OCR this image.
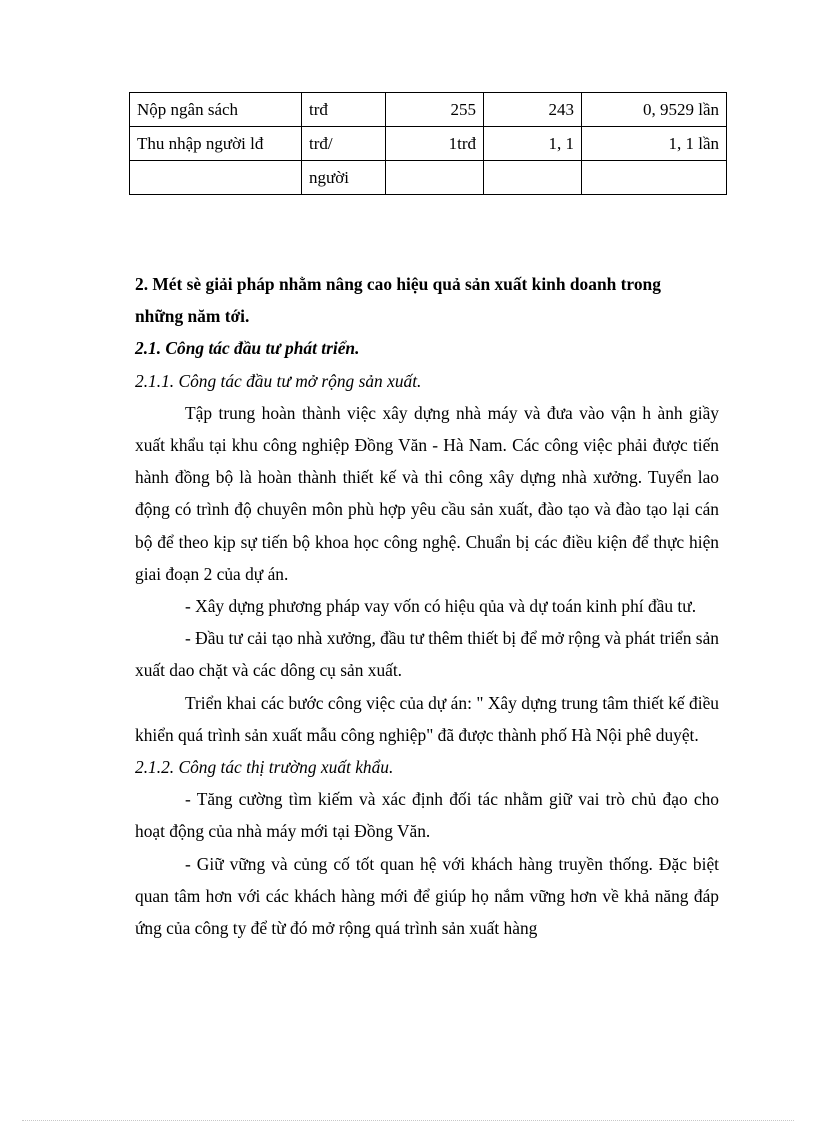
Nộp ngân sách	trđ	255	243	0, 9529 lần
Thu nhập người lđ	trđ/	1trđ	1, 1	1, 1 lần
	người			

2. Mét sè giải pháp nhằm nâng cao hiệu quả sản xuất kinh doanh trong
những năm tới.

2.1. Công tác đầu tư phát triển.

2.1.1. Công tác đầu tư mở rộng sản xuất.

Tập trung hoàn thành việc xây dựng nhà máy và đưa vào vận h ành giầy xuất khẩu tại khu công nghiệp Đồng Văn - Hà Nam. Các công việc phải được tiến hành đồng bộ là hoàn thành thiết kế và thi công xây dựng nhà xưởng. Tuyển lao động có trình độ chuyên môn phù hợp yêu cầu sản xuất, đào tạo và đào tạo lại cán bộ để theo kịp sự tiến bộ khoa học công nghệ. Chuẩn bị các điều kiện để thực hiện giai đoạn 2 của dự án.

- Xây dựng phương pháp vay vốn có hiệu qủa và dự toán kinh phí đầu tư.

- Đầu tư cải tạo nhà xưởng, đầu tư thêm thiết bị để mở rộng và phát triển sản xuất dao chặt và các dông cụ sản xuất.

Triển khai các bước công việc của dự án: " Xây dựng trung tâm thiết kế điều khiển quá trình sản xuất mẫu công nghiệp" đã được thành phố Hà Nội phê duyệt.

2.1.2. Công tác thị trường xuất khẩu.

- Tăng cường tìm kiếm và xác định đối tác nhằm giữ vai trò chủ đạo cho hoạt động của nhà máy mới tại Đồng Văn.

- Giữ vững và củng cố tốt quan hệ với khách hàng truyền thống. Đặc biệt quan tâm hơn với các khách hàng mới để giúp họ nắm vững hơn về khả năng đáp ứng của công ty để từ đó mở rộng quá trình sản xuất hàng
